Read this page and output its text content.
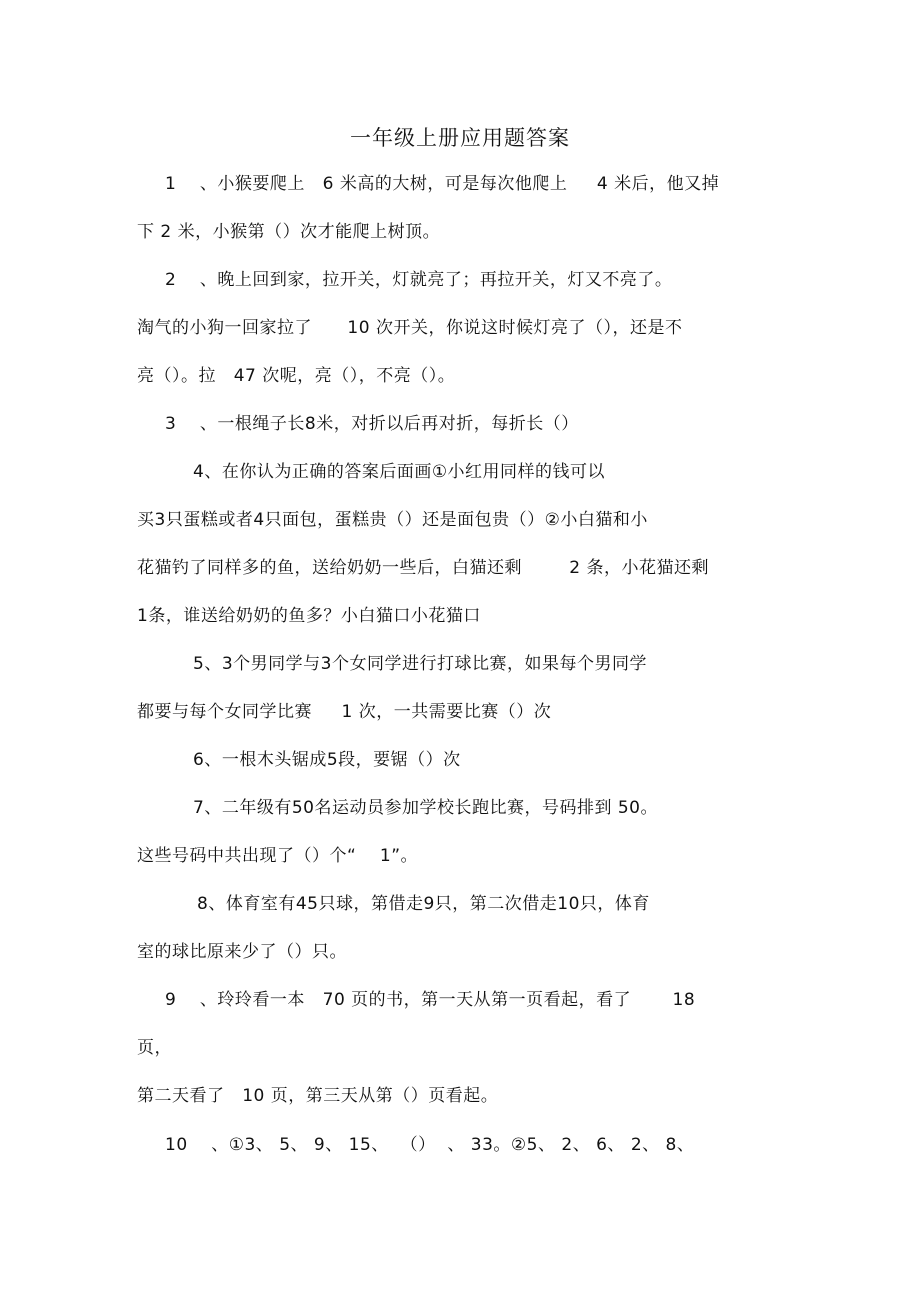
一年级上册应用题答案
1    、小猴要爬上   6 米高的大树，可是每次他爬上     4 米后，他又掉
下 2 米，小猴第（）次才能爬上树顶。
2    、晚上回到家，拉开关，灯就亮了；再拉开关，灯又不亮了。
淘气的小狗一回家拉了      10 次开关，你说这时候灯亮了（），还是不
亮（）。拉   47 次呢，亮（），不亮（）。
3    、一根绳子长8米，对折以后再对折，每折长（）
4、在你认为正确的答案后面画①小红用同样的钱可以
买3只蛋糕或者4只面包，蛋糕贵（）还是面包贵（）②小白猫和小
花猫钓了同样多的鱼，送给奶奶一些后，白猫还剩        2 条，小花猫还剩
1条，谁送给奶奶的鱼多？小白猫口小花猫口
5、3个男同学与3个女同学进行打球比赛，如果每个男同学
都要与每个女同学比赛     1 次，一共需要比赛（）次
6、一根木头锯成5段，要锯（）次
7、二年级有50名运动员参加学校长跑比赛，号码排到 50。
这些号码中共出现了（）个“    1”。
8、体育室有45只球，第借走9只，第二次借走10只，体育
室的球比原来少了（）只。
9    、玲玲看一本   70 页的书，第一天从第一页看起，看了       18
页，
第二天看了   10 页，第三天从第（）页看起。
10    、①3、 5、 9、 15、  （）  、 33。②5、 2、 6、 2、 8、
